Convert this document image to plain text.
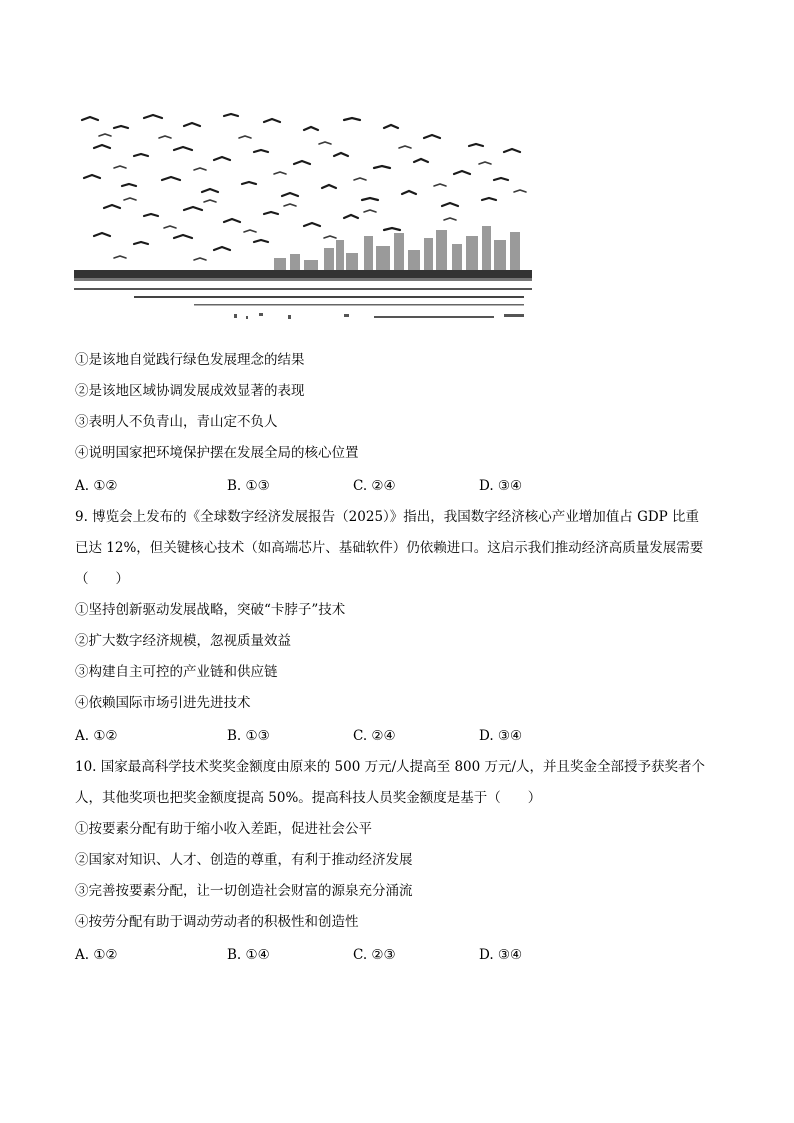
①是该地自觉践行绿色发展理念的结果
②是该地区域协调发展成效显著的表现
③表明人不负青山，青山定不负人
④说明国家把环境保护摆在发展全局的核心位置
A. ①②	B. ①③	C. ②④	D. ③④
9. 博览会上发布的《全球数字经济发展报告（2025）》指出，我国数字经济核心产业增加值占 GDP 比重
已达 12%，但关键核心技术（如高端芯片、基础软件）仍依赖进口。这启示我们推动经济高质量发展需要
（　　）
①坚持创新驱动发展战略，突破“卡脖子”技术
②扩大数字经济规模，忽视质量效益
③构建自主可控的产业链和供应链
④依赖国际市场引进先进技术
A. ①②	B. ①③	C. ②④	D. ③④
10. 国家最高科学技术奖奖金额度由原来的 500 万元/人提高至 800 万元/人，并且奖金全部授予获奖者个
人，其他奖项也把奖金额度提高 50%。提高科技人员奖金额度是基于（　　）
①按要素分配有助于缩小收入差距，促进社会公平
②国家对知识、人才、创造的尊重，有利于推动经济发展
③完善按要素分配，让一切创造社会财富的源泉充分涌流
④按劳分配有助于调动劳动者的积极性和创造性
A. ①②	B. ①④	C. ②③	D. ③④
